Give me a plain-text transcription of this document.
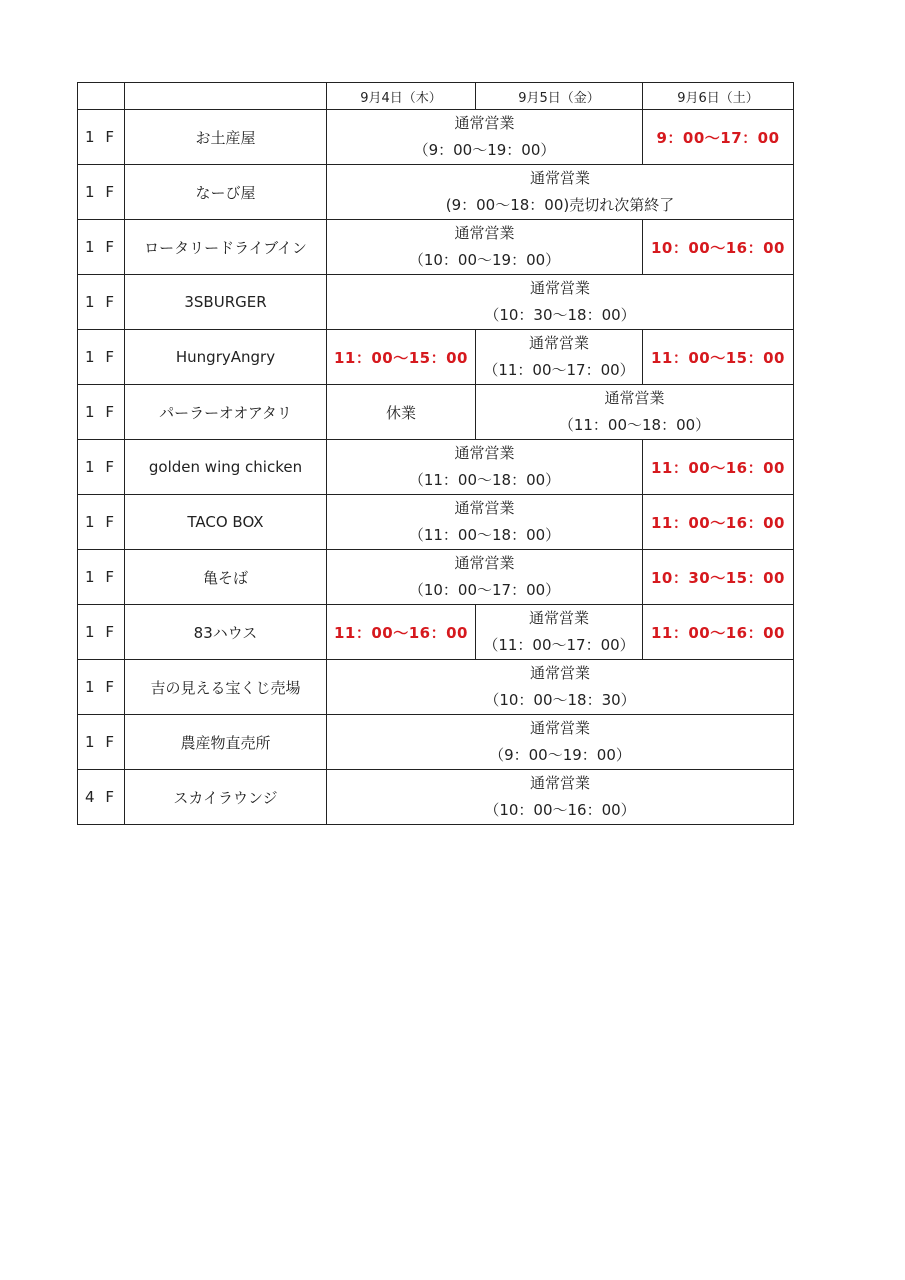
		9月4日（木）	9月5日（金）	9月6日（土）
1 F	お土産屋	通常営業
（9：00〜19：00）		9：00〜17：00
1 F	なーび屋	通常営業
(9：00〜18：00)売切れ次第終了		

1 F	ロータリードライブイン	通常営業
（10：00〜19：00）		10：00〜16：00
1 F	3SBURGER	通常営業
（10：30〜18：00）		

1 F	HungryAngry	11：00〜15：00	通常営業
（11：00〜17：00）	11：00〜15：00
1 F	パーラーオオアタリ	休業	通常営業
（11：00〜18：00）	

1 F	golden wing chicken	通常営業
（11：00〜18：00）		11：00〜16：00
1 F	TACO BOX	通常営業
（11：00〜18：00）		11：00〜16：00
1 F	亀そば	通常営業
（10：00〜17：00）		10：30〜15：00
1 F	83ハウス	11：00〜16：00	通常営業
（11：00〜17：00）	11：00〜16：00
1 F	吉の見える宝くじ売場	通常営業
（10：00〜18：30）		

1 F	農産物直売所	通常営業
（9：00〜19：00）		

4 F	スカイラウンジ	通常営業
（10：00〜16：00）		
